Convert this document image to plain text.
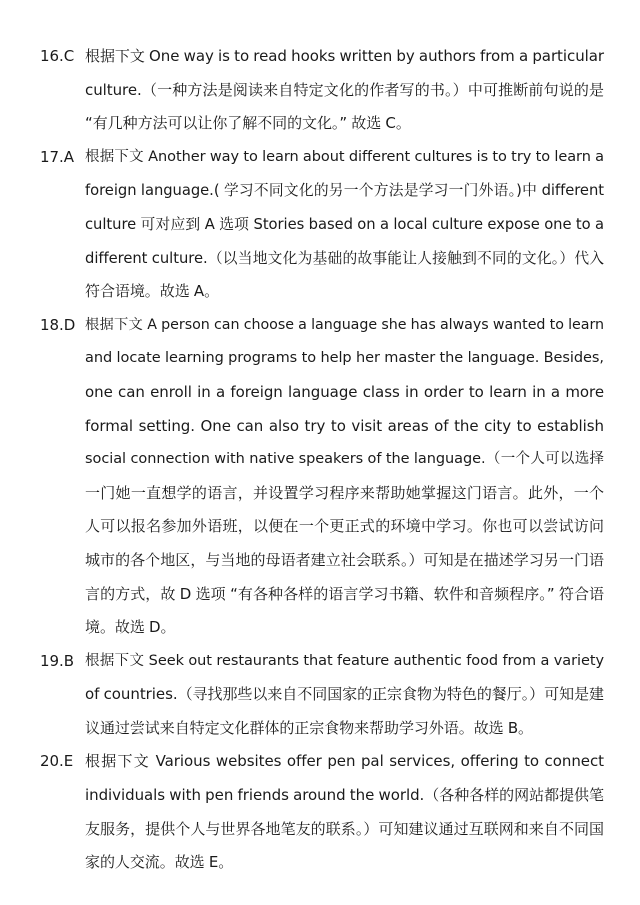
16.C 根据下文 One way is to read hooks written by authors from a particular
culture.（一种方法是阅读来自特定文化的作者写的书。）中可推断前句说的是
“有几种方法可以让你了解不同的文化。” 故选 C。
17.A 根据下文 Another way to learn about different cultures is to try to learn a
foreign language.( 学习不同文化的另一个方法是学习一门外语。)中 different
culture 可对应到 A 选项 Stories based on a local culture expose one to a
different culture.（以当地文化为基础的故事能让人接触到不同的文化。）代入
符合语境。故选 A。
18.D 根据下文 A person can choose a language she has always wanted to learn
and locate learning programs to help her master the language. Besides,
one can enroll in a foreign language class in order to learn in a more
formal setting. One can also try to visit areas of the city to establish
social connection with native speakers of the language.（一个人可以选择
一门她一直想学的语言，并设置学习程序来帮助她掌握这门语言。此外，一个
人可以报名参加外语班，以便在一个更正式的环境中学习。你也可以尝试访问
城市的各个地区，与当地的母语者建立社会联系。）可知是在描述学习另一门语
言的方式，故 D 选项 “有各种各样的语言学习书籍、软件和音频程序。” 符合语
境。故选 D。
19.B 根据下文 Seek out restaurants that feature authentic food from a variety
of countries.（寻找那些以来自不同国家的正宗食物为特色的餐厅。）可知是建
议通过尝试来自特定文化群体的正宗食物来帮助学习外语。故选 B。
20.E 根据下文 Various websites offer pen pal services, offering to connect
individuals with pen friends around the world.（各种各样的网站都提供笔
友服务，提供个人与世界各地笔友的联系。）可知建议通过互联网和来自不同国
家的人交流。故选 E。
